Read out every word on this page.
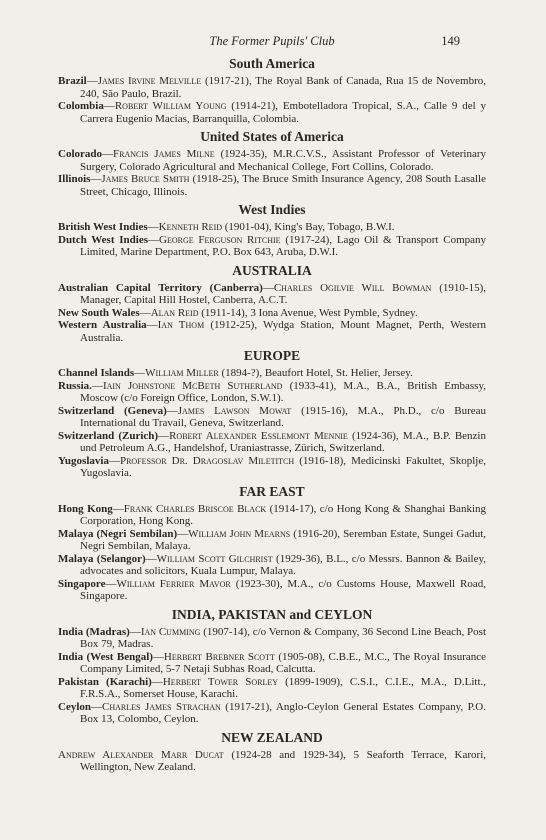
The Former Pupils' Club	149
South America
Brazil—James Irvine Melville (1917-21), The Royal Bank of Canada, Rua 15 de Novembro, 240, São Paulo, Brazil.
Colombia—Robert William Young (1914-21), Embotelladora Tropical, S.A., Calle 9 del y Carrera Eugenio Macias, Barranquilla, Colombia.
United States of America
Colorado—Francis James Milne (1924-35), M.R.C.V.S., Assistant Professor of Veterinary Surgery, Colorado Agricultural and Mechanical College, Fort Collins, Colorado.
Illinois—James Bruce Smith (1918-25), The Bruce Smith Insurance Agency, 208 South Lasalle Street, Chicago, Illinois.
West Indies
British West Indies—Kenneth Reid (1901-04), King's Bay, Tobago, B.W.I.
Dutch West Indies—George Ferguson Ritchie (1917-24), Lago Oil & Transport Company Limited, Marine Department, P.O. Box 643, Aruba, D.W.I.
AUSTRALIA
Australian Capital Territory (Canberra)—Charles Ogilvie Will Bowman (1910-15), Manager, Capital Hill Hostel, Canberra, A.C.T.
New South Wales—Alan Reid (1911-14), 3 Iona Avenue, West Pymble, Sydney.
Western Australia—Ian Thom (1912-25), Wydga Station, Mount Magnet, Perth, Western Australia.
EUROPE
Channel Islands—William Miller (1894-?), Beaufort Hotel, St. Helier, Jersey.
Russia.—Iain Johnstone McBeth Sutherland (1933-41), M.A., B.A., British Embassy, Moscow (c/o Foreign Office, London, S.W.1).
Switzerland (Geneva)—James Lawson Mowat (1915-16), M.A., Ph.D., c/o Bureau International du Travail, Geneva, Switzerland.
Switzerland (Zurich)—Robert Alexander Esslemont Mennie (1924-36), M.A., B.P. Benzin und Petroleum A.G., Handelshof, Uraniastrasse, Zürich, Switzerland.
Yugoslavia—Professor Dr. Dragoslav Miletitch (1916-18), Medicinski Fakultet, Skoplje, Yugoslavia.
FAR EAST
Hong Kong—Frank Charles Briscoe Black (1914-17), c/o Hong Kong & Shanghai Banking Corporation, Hong Kong.
Malaya (Negri Sembilan)—William John Mearns (1916-20), Seremban Estate, Sungei Gadut, Negri Sembilan, Malaya.
Malaya (Selangor)—William Scott Gilchrist (1929-36), B.L., c/o Messrs. Bannon & Bailey, advocates and solicitors, Kuala Lumpur, Malaya.
Singapore—William Ferrier Mavor (1923-30), M.A., c/o Customs House, Maxwell Road, Singapore.
INDIA, PAKISTAN and CEYLON
India (Madras)—Ian Cumming (1907-14), c/o Vernon & Company, 36 Second Line Beach, Post Box 79, Madras.
India (West Bengal)—Herbert Brebner Scott (1905-08), C.B.E., M.C., The Royal Insurance Company Limited, 5-7 Netaji Subhas Road, Calcutta.
Pakistan (Karachi)—Herbert Tower Sorley (1899-1909), C.S.I., C.I.E., M.A., D.Litt., F.R.S.A., Somerset House, Karachi.
Ceylon—Charles James Strachan (1917-21), Anglo-Ceylon General Estates Company, P.O. Box 13, Colombo, Ceylon.
NEW ZEALAND
Andrew Alexander Marr Ducat (1924-28 and 1929-34), 5 Seaforth Terrace, Karori, Wellington, New Zealand.
